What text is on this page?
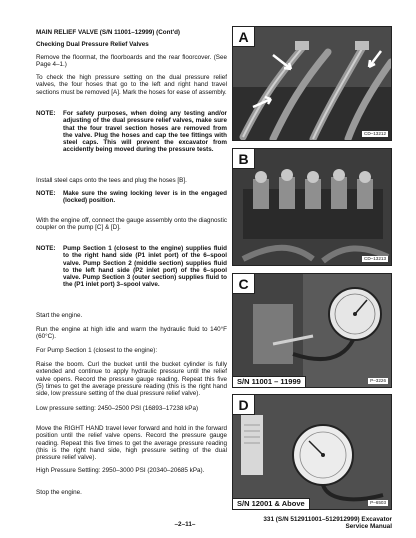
MAIN RELIEF VALVE (S/N 11001–12999) (Cont'd)

Checking Dual Pressure Relief Valves

Remove the floormat, the floorboards and the rear floorcover. (See Page 4–1.)

To check the high pressure setting on the dual pressure relief valves, the four hoses that go to the left and right hand travel sections must be removed [A]. Mark the hoses for ease of assembly.

NOTE: For safety purposes, when doing any testing and/or adjusting of the dual pressure relief valves, make sure that the four travel section hoses are removed from the valve. Plug the hoses and cap the tee fittings with steel caps. This will prevent the excavator from accidently being moved during the pressure tests.

Install steel caps onto the tees and plug the hoses [B].

NOTE: Make sure the swing locking lever is in the engaged (locked) position.

With the engine off, connect the gauge assembly onto the diagnostic coupler on the pump [C] & [D].

NOTE: Pump Section 1 (closest to the engine) supplies fluid to the right hand side (P1 inlet port) of the 6–spool valve. Pump Section 2 (middle section) supplies fluid to the left hand side (P2 inlet port) of the 6–spool valve. Pump Section 3 (outer section) supplies fluid to the (P1 inlet port) 3–spool valve.

Start the engine.

Run the engine at high idle and warm the hydraulic fluid to 140°F (60°C).

For Pump Section 1 (closest to the engine):

Raise the boom. Curl the bucket until the bucket cylinder is fully extended and continue to apply hydraulic pressure until the relief valve opens. Record the pressure gauge reading. Repeat this five (5) times to get the average pressure reading (this is the right hand side, low pressure setting of the dual pressure relief valve).

Low pressure setting: 2450–2500 PSI (16893–17238 kPa)

Move the RIGHT HAND travel lever forward and hold in the forward position until the relief valve opens. Record the pressure gauge reading. Repeat this five times to get the average pressure reading (this is the right hand side, high pressure setting of the dual pressure relief valve).

High Pressure Settling: 2950–3000 PSI (20340–20685 kPa).

Stop the engine.

A
CD–13212
B
CD–13213
C
S/N 11001 – 11999	P–3226
D
S/N 12001 & Above	P–6503
–2–11–
331 (S/N 512911001–512912999) Excavator
Service Manual
